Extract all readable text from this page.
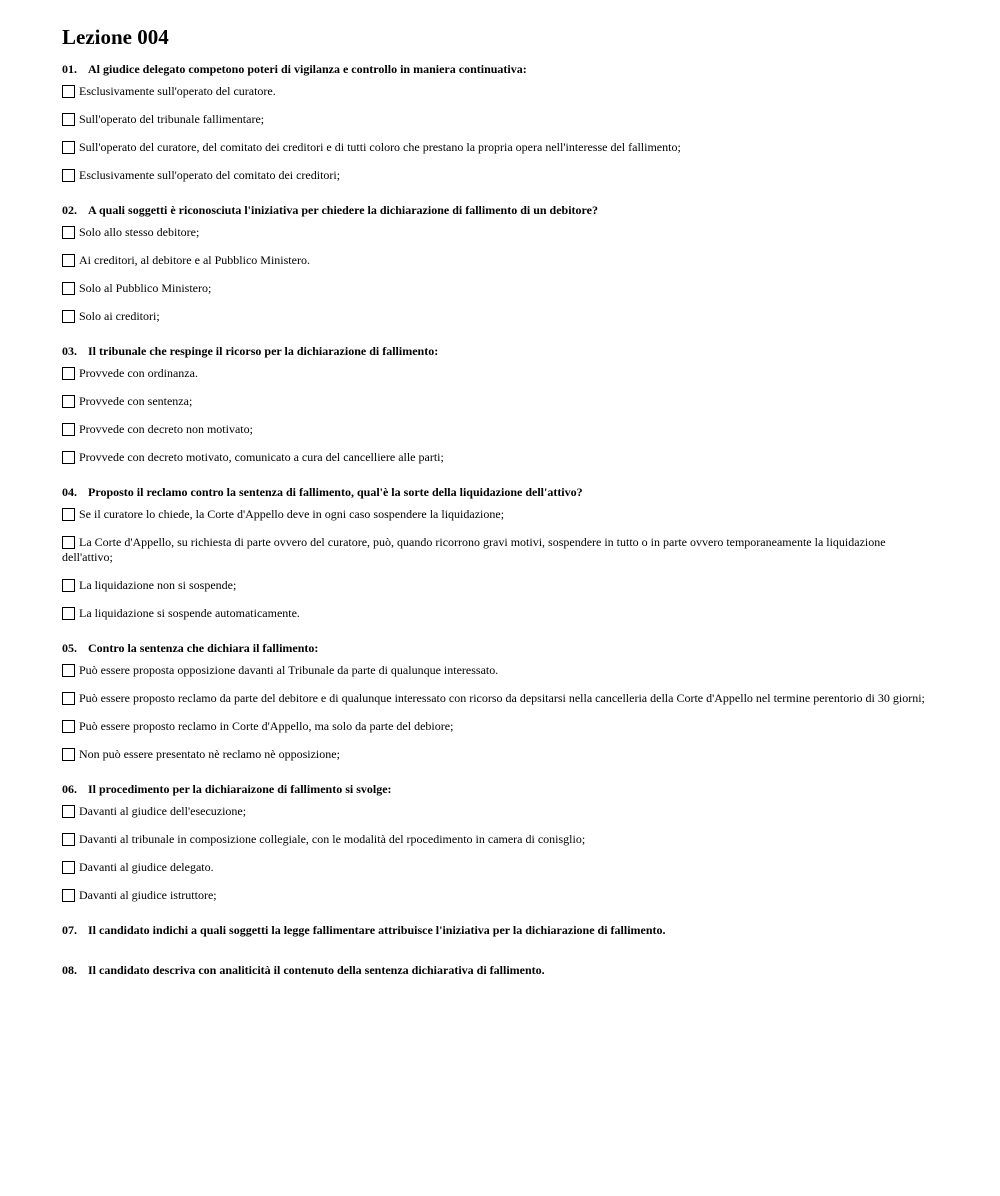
Lezione 004
01. Al giudice delegato competono poteri di vigilanza e controllo in maniera continuativa:
Esclusivamente sull'operato del curatore.
Sull'operato del tribunale fallimentare;
Sull'operato del curatore, del comitato dei creditori e di tutti coloro che prestano la propria opera nell'interesse del fallimento;
Esclusivamente sull'operato del comitato dei creditori;
02. A quali soggetti è riconosciuta l'iniziativa per chiedere la dichiarazione di fallimento di un debitore?
Solo allo stesso debitore;
Ai creditori, al debitore e al Pubblico Ministero.
Solo al Pubblico Ministero;
Solo ai creditori;
03. Il tribunale che respinge il ricorso per la dichiarazione di fallimento:
Provvede con ordinanza.
Provvede con sentenza;
Provvede con decreto non motivato;
Provvede con decreto motivato, comunicato a cura del cancelliere alle parti;
04. Proposto il reclamo contro la sentenza di fallimento, qual'è la sorte della liquidazione dell'attivo?
Se il curatore lo chiede, la Corte d'Appello deve in ogni caso sospendere la liquidazione;
La Corte d'Appello, su richiesta di parte ovvero del curatore, può, quando ricorrono gravi motivi, sospendere in tutto o in parte ovvero temporaneamente la liquidazione dell'attivo;
La liquidazione non si sospende;
La liquidazione si sospende automaticamente.
05. Contro la sentenza che dichiara il fallimento:
Può essere proposta opposizione davanti al Tribunale da parte di qualunque interessato.
Può essere proposto reclamo da parte del debitore e di qualunque interessato con ricorso da depsitarsi nella cancelleria della Corte d'Appello nel termine perentorio di 30 giorni;
Può essere proposto reclamo in Corte d'Appello, ma solo da parte del debiore;
Non può essere presentato nè reclamo nè opposizione;
06. Il procedimento per la dichiaraizone di fallimento si svolge:
Davanti al giudice dell'esecuzione;
Davanti al tribunale in composizione collegiale, con le modalità del rpocedimento in camera di conisglio;
Davanti al giudice delegato.
Davanti al giudice istruttore;
07. Il candidato indichi a quali soggetti la legge fallimentare attribuisce l'iniziativa per la dichiarazione di fallimento.
08. Il candidato descriva con analiticità il contenuto della sentenza dichiarativa di fallimento.
